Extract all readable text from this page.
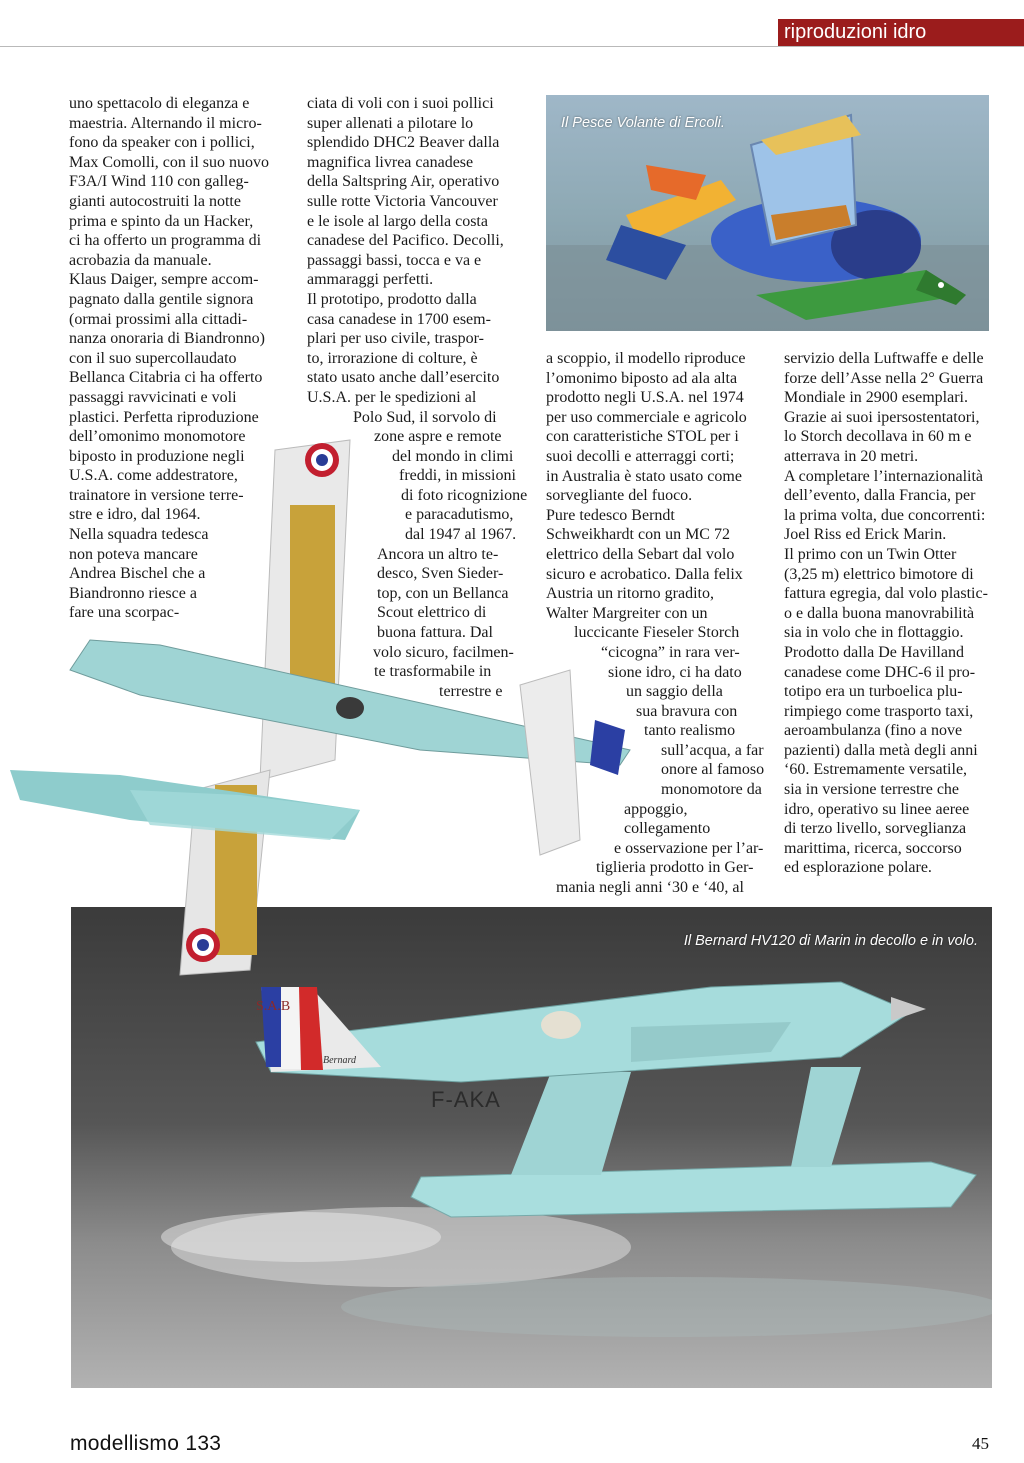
riproduzioni idro
Il Pesce Volante di Ercoli.
Il Bernard HV120 di Marin in decollo e in volo.
S.A.B
Bernard
F-AKA

uno spettacolo di eleganza e

maestria. Alternando il micro-

fono da speaker con i pollici,

Max Comolli, con il suo nuovo

F3A/I Wind 110 con galleg-

gianti autocostruiti la notte

prima e spinto da un Hacker,

ci ha offerto un programma di

acrobazia da manuale.

Klaus Daiger, sempre accom-

pagnato dalla gentile signora

(ormai prossimi alla cittadi-

nanza onoraria di Biandronno)

con il suo supercollaudato

Bellanca Citabria ci ha offerto

passaggi ravvicinati e voli

plastici. Perfetta riproduzione

dell’omonimo monomotore

biposto in produzione negli

U.S.A. come addestratore,

trainatore in versione terre-

stre e idro, dal 1964.

Nella squadra tedesca

non poteva mancare

Andrea Bischel che a

Biandronno riesce a

fare una scorpac-

ciata di voli con i suoi pollici

super allenati a pilotare lo

splendido DHC2 Beaver dalla

magnifica livrea canadese

della Saltspring Air, operativo

sulle rotte Victoria Vancouver

e le isole al largo della costa

canadese del Pacifico. Decolli,

passaggi bassi, tocca e va e

ammaraggi perfetti.

Il prototipo, prodotto dalla

casa canadese in 1700 esem-

plari per uso civile, traspor-

to, irrorazione di colture, è

stato usato anche dall’esercito

U.S.A. per le spedizioni al

Polo Sud, il sorvolo di

zone aspre e remote

del mondo in climi

freddi, in missioni

di foto ricognizione

e paracadutismo,

dal 1947 al 1967.

Ancora un altro te-

desco, Sven Sieder-

top, con un Bellanca

Scout elettrico di

buona fattura. Dal

volo sicuro, facilmen-

te trasformabile in

terrestre e

a scoppio, il modello riproduce

l’omonimo biposto ad ala alta

prodotto negli U.S.A. nel 1974

per uso commerciale e agricolo

con caratteristiche STOL per i

suoi decolli e atterraggi corti;

in Australia è stato usato come

sorvegliante del fuoco.

Pure tedesco Berndt

Schweikhardt con un MC 72

elettrico della Sebart dal volo

sicuro e acrobatico. Dalla felix

Austria un ritorno gradito,

Walter Margreiter con un

luccicante Fieseler Storch

“cicogna” in rara ver-

sione idro, ci ha dato

un saggio della

sua bravura con

tanto realismo

sull’acqua, a far

onore al famoso

monomotore da

appoggio, collegamento

e osservazione per l’ar-

tiglieria prodotto in Ger-

mania negli anni ‘30 e ‘40, al

servizio della Luftwaffe e delle

forze dell’Asse nella 2° Guerra

Mondiale in 2900 esemplari.

Grazie ai suoi ipersostentatori,

lo Storch decollava in 60 m e

atterrava in 20 metri.

A completare l’internazionalità

dell’evento, dalla Francia, per

la prima volta, due concorrenti:

Joel Riss ed Erick Marin.

Il primo con un Twin Otter

(3,25 m) elettrico bimotore di

fattura egregia, dal volo plastic-

o e dalla buona manovrabilità

sia in volo che in flottaggio.

Prodotto dalla De Havilland

canadese come DHC-6 il pro-

totipo era un turboelica plu-

rimpiego come trasporto taxi,

aeroambulanza (fino a nove

pazienti) dalla metà degli anni

‘60. Estremamente versatile,

sia in versione terrestre che

idro, operativo su linee aeree

di terzo livello, sorveglianza

marittima, ricerca, soccorso

ed esplorazione polare.

modellismo 133	45
